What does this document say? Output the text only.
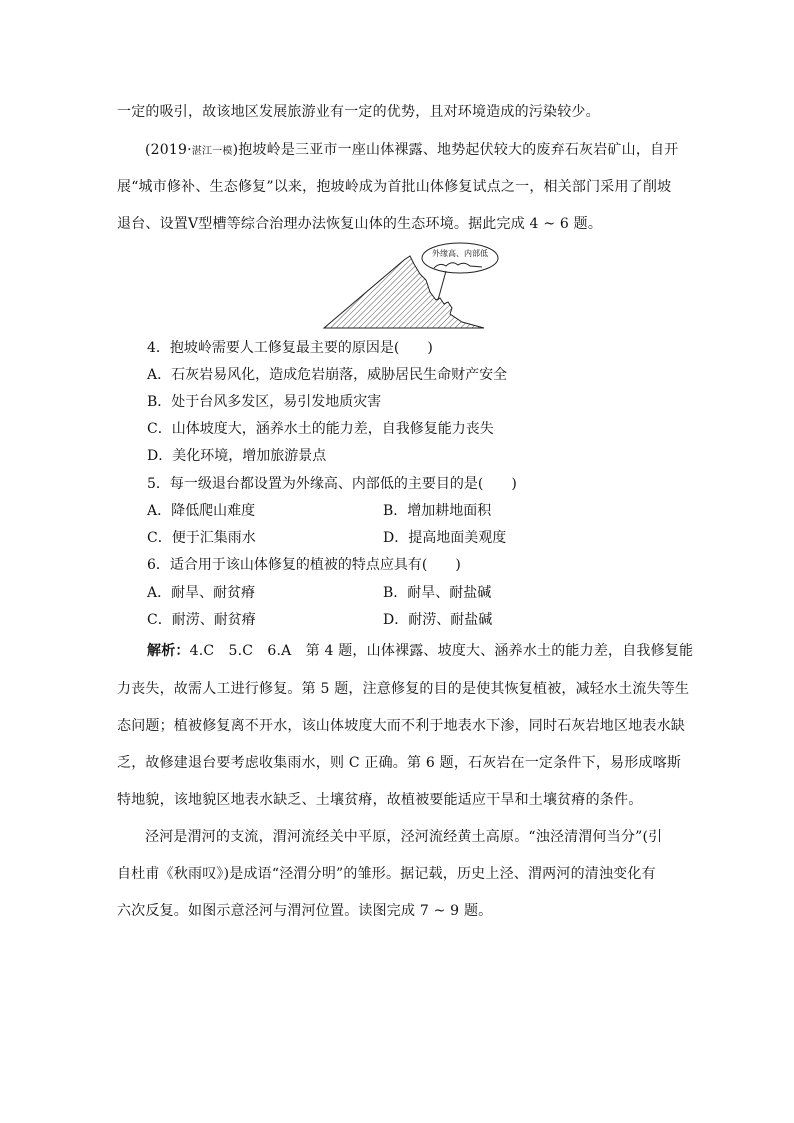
一定的吸引，故该地区发展旅游业有一定的优势，且对环境造成的污染较少。
(2019·湛江一模)抱坡岭是三亚市一座山体裸露、地势起伏较大的废弃石灰岩矿山，自开
展“城市修补、生态修复”以来，抱坡岭成为首批山体修复试点之一，相关部门采用了削坡
退台、设置V型槽等综合治理办法恢复山体的生态环境。据此完成 4 ~ 6 题。
外缘高、内部低
4．抱坡岭需要人工修复最主要的原因是(　　)
A．石灰岩易风化，造成危岩崩落，威胁居民生命财产安全
B．处于台风多发区，易引发地质灾害
C．山体坡度大，涵养水土的能力差，自我修复能力丧失
D．美化环境，增加旅游景点
5．每一级退台都设置为外缘高、内部低的主要目的是(　　)
A．降低爬山难度	B．增加耕地面积
C．便于汇集雨水	D．提高地面美观度
6．适合用于该山体修复的植被的特点应具有(　　)
A．耐旱、耐贫瘠	B．耐旱、耐盐碱
C．耐涝、耐贫瘠	D．耐涝、耐盐碱
解析：4.C　5.C　6.A　 第 4 题，山体裸露、坡度大、涵养水土的能力差，自我修复能
力丧失，故需人工进行修复。第 5 题，注意修复的目的是使其恢复植被，减轻水土流失等生
态问题；植被修复离不开水，该山体坡度大而不利于地表水下渗，同时石灰岩地区地表水缺
乏，故修建退台要考虑收集雨水，则 C 正确。第 6 题，石灰岩在一定条件下，易形成喀斯
特地貌，该地貌区地表水缺乏、土壤贫瘠，故植被要能适应干旱和土壤贫瘠的条件。
泾河是渭河的支流，渭河流经关中平原，泾河流经黄土高原。“浊泾清渭何当分”(引
自杜甫《秋雨叹》)是成语“泾渭分明”的雏形。据记载，历史上泾、渭两河的清浊变化有
六次反复。如图示意泾河与渭河位置。读图完成 7 ~ 9 题。
